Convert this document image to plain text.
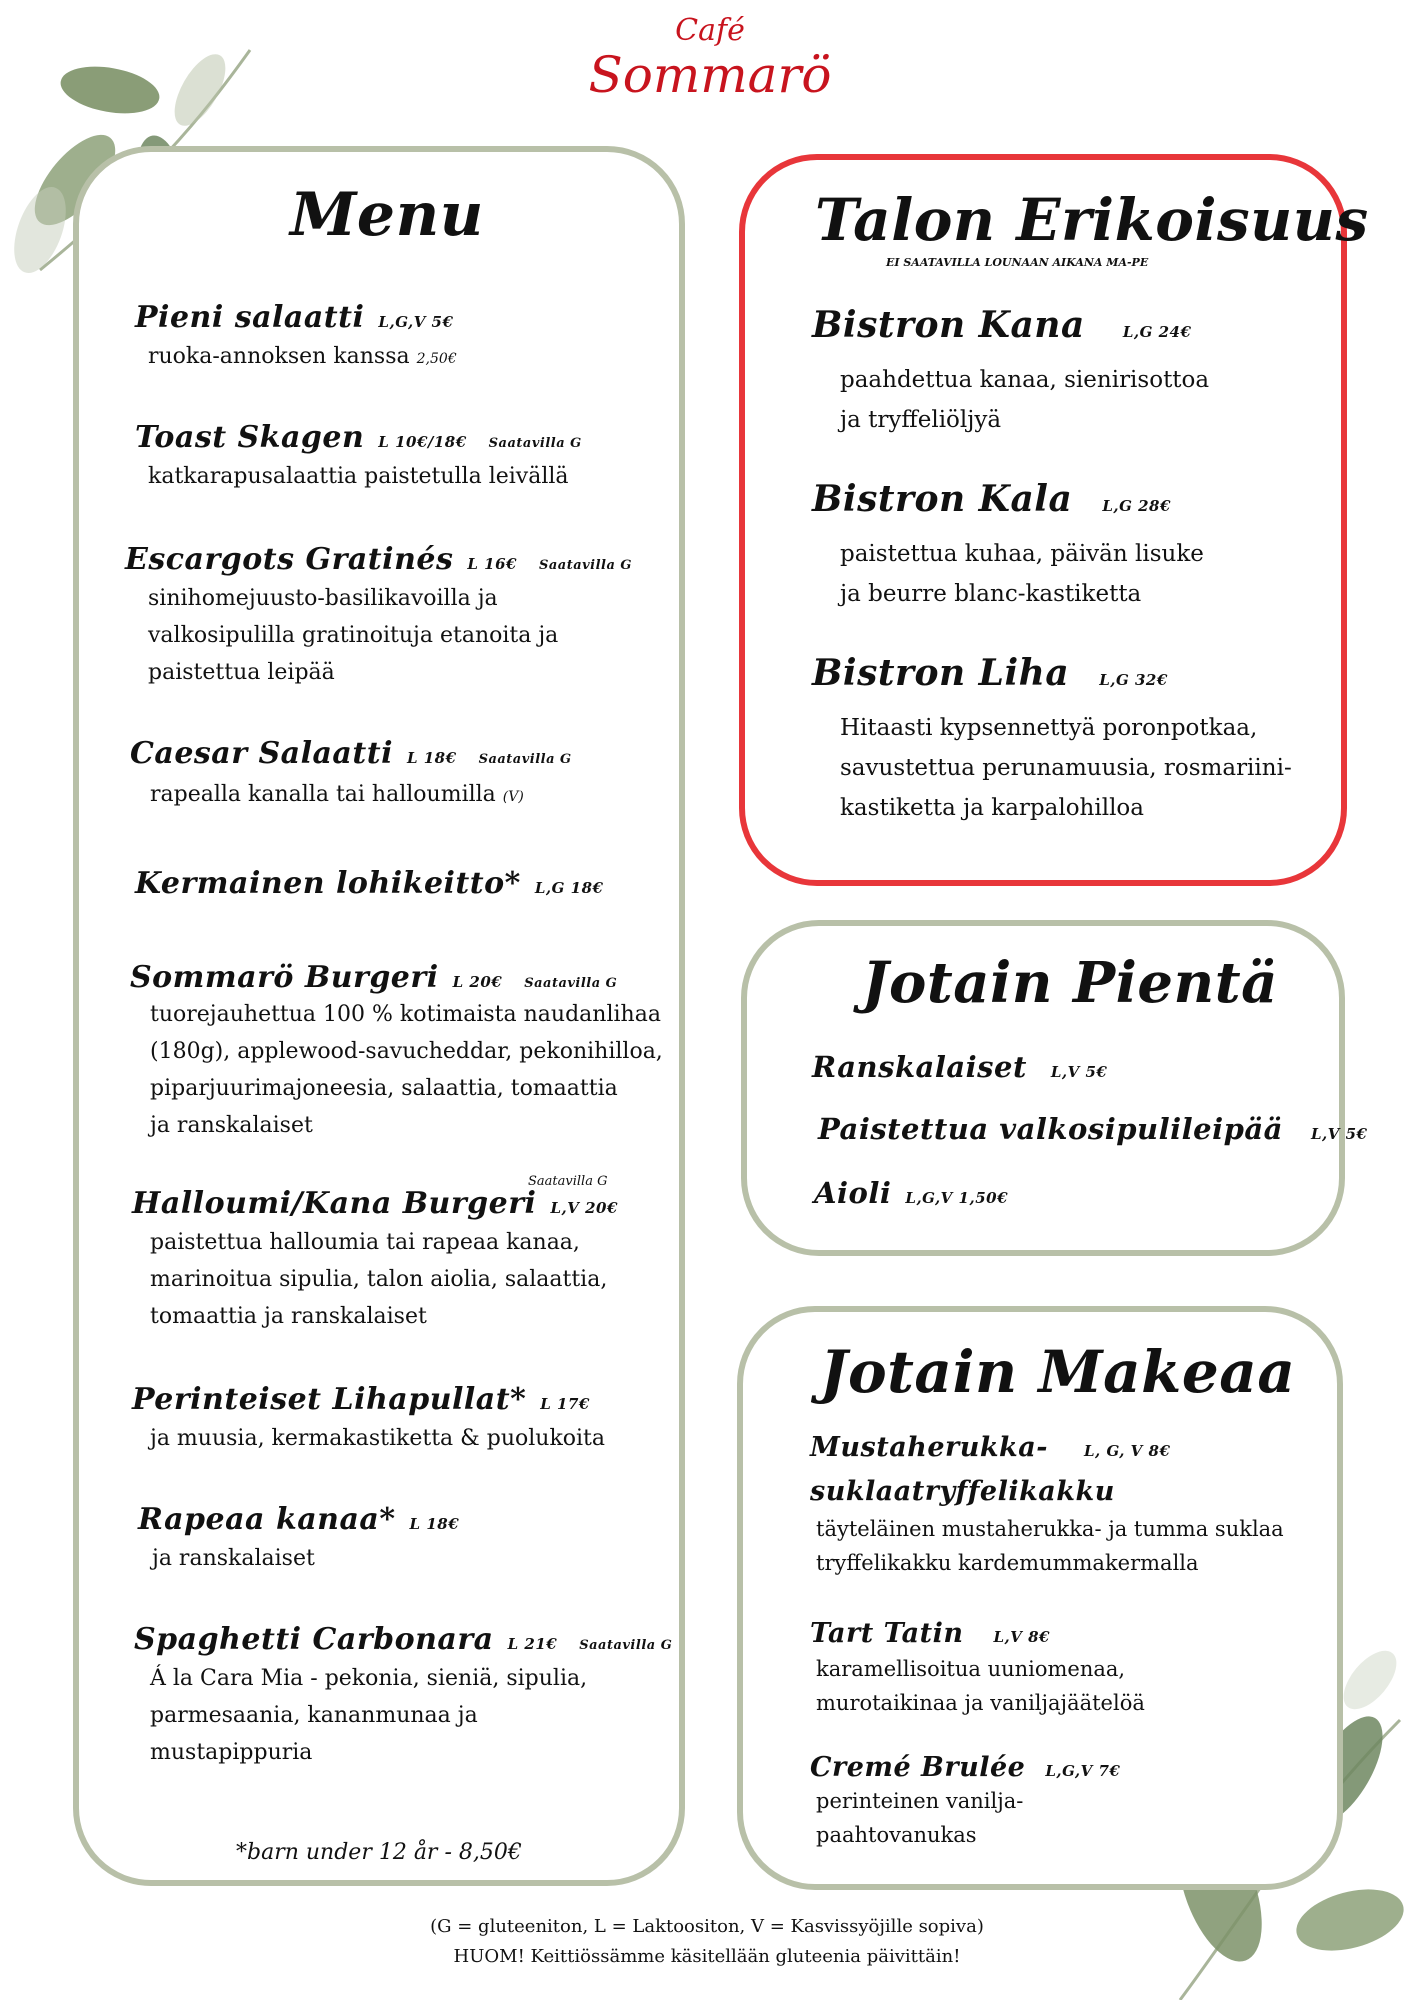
Café
Sommarö
Menu
Pieni salaatti L,G,V 5€
ruoka-annoksen kanssa 2,50€
Toast Skagen L 10€/18€ Saatavilla G
katkarapusalaattia paistetulla leivällä
Escargots Gratinés L 16€ Saatavilla G
sinihomejuusto-basilikavoilla ja
valkosipulilla gratinoituja etanoita ja
paistettua leipää
Caesar Salaatti L 18€ Saatavilla G
rapealla kanalla tai halloumilla (V)
Kermainen lohikeitto* L,G 18€
Sommarö Burgeri L 20€ Saatavilla G
tuorejauhettua 100 % kotimaista naudanlihaa
(180g), applewood-savucheddar, pekonihilloa,
piparjuurimajoneesia, salaattia, tomaattia
ja ranskalaiset
Saatavilla G
Halloumi/Kana Burgeri L,V 20€
paistettua halloumia tai rapeaa kanaa,
marinoitua sipulia, talon aiolia, salaattia,
tomaattia ja ranskalaiset
Perinteiset Lihapullat* L 17€
ja muusia, kermakastiketta & puolukoita
Rapeaa kanaa* L 18€
ja ranskalaiset
Spaghetti Carbonara L 21€ Saatavilla G
Á la Cara Mia - pekonia, sieniä, sipulia,
parmesaania, kananmunaa ja
mustapippuria
*barn under 12 år - 8,50€
Talon Erikoisuus
EI SAATAVILLA LOUNAAN AIKANA MA-PE
Bistron Kana	L,G 24€
paahdettua kanaa, sienirisottoa
ja tryffeliöljyä
Bistron Kala L,G 28€
paistettua kuhaa, päivän lisuke
ja beurre blanc-kastiketta
Bistron Liha L,G 32€
Hitaasti kypsennettyä poronpotkaa,
savustettua perunamuusia, rosmariini-
kastiketta ja karpalohilloa
Jotain Pientä
Ranskalaiset L,V 5€
Paistettua valkosipulileipää L,V 5€
Aioli L,G,V 1,50€
Jotain Makeaa
Mustaherukka- L, G, V 8€
suklaatryffelikakku
täyteläinen mustaherukka- ja tumma suklaa
tryffelikakku kardemummakermalla
Tart Tatin L,V 8€
karamellisoitua uuniomenaa,
murotaikinaa ja vaniljajäätelöä
Cremé Brulée L,G,V 7€
perinteinen vanilja-
paahtovanukas
(G = gluteeniton, L = Laktoositon, V = Kasvissyöjille sopiva)
HUOM! Keittiössämme käsitellään gluteenia päivittäin!
